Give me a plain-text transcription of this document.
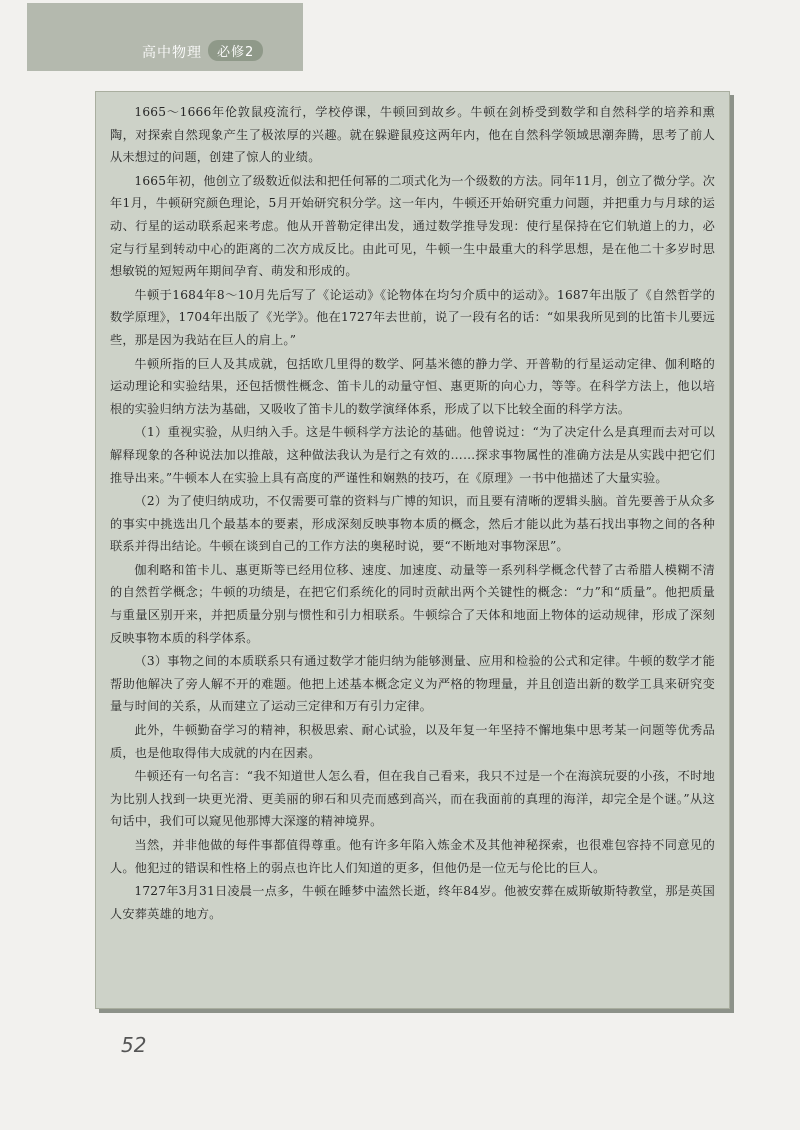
高中物理	必修2

1665～1666年伦敦鼠疫流行，学校停课，牛顿回到故乡。牛顿在剑桥受到数学和自然科学的培养和熏陶，对探索自然现象产生了极浓厚的兴趣。就在躲避鼠疫这两年内，他在自然科学领域思潮奔腾，思考了前人从未想过的问题，创建了惊人的业绩。

1665年初，他创立了级数近似法和把任何幂的二项式化为一个级数的方法。同年11月，创立了微分学。次年1月，牛顿研究颜色理论，5月开始研究积分学。这一年内，牛顿还开始研究重力问题，并把重力与月球的运动、行星的运动联系起来考虑。他从开普勒定律出发，通过数学推导发现：使行星保持在它们轨道上的力，必定与行星到转动中心的距离的二次方成反比。由此可见，牛顿一生中最重大的科学思想，是在他二十多岁时思想敏锐的短短两年期间孕育、萌发和形成的。

牛顿于1684年8～10月先后写了《论运动》《论物体在均匀介质中的运动》。1687年出版了《自然哲学的数学原理》，1704年出版了《光学》。他在1727年去世前，说了一段有名的话：“如果我所见到的比笛卡儿要远些，那是因为我站在巨人的肩上。”

牛顿所指的巨人及其成就，包括欧几里得的数学、阿基米德的静力学、开普勒的行星运动定律、伽利略的运动理论和实验结果，还包括惯性概念、笛卡儿的动量守恒、惠更斯的向心力，等等。在科学方法上，他以培根的实验归纳方法为基础，又吸收了笛卡儿的数学演绎体系，形成了以下比较全面的科学方法。

（1）重视实验，从归纳入手。这是牛顿科学方法论的基础。他曾说过：“为了决定什么是真理而去对可以解释现象的各种说法加以推敲，这种做法我认为是行之有效的……探求事物属性的准确方法是从实践中把它们推导出来。”牛顿本人在实验上具有高度的严谨性和娴熟的技巧，在《原理》一书中他描述了大量实验。

（2）为了使归纳成功，不仅需要可靠的资料与广博的知识，而且要有清晰的逻辑头脑。首先要善于从众多的事实中挑选出几个最基本的要素，形成深刻反映事物本质的概念，然后才能以此为基石找出事物之间的各种联系并得出结论。牛顿在谈到自己的工作方法的奥秘时说，要“不断地对事物深思”。

伽利略和笛卡儿、惠更斯等已经用位移、速度、加速度、动量等一系列科学概念代替了古希腊人模糊不清的自然哲学概念；牛顿的功绩是，在把它们系统化的同时贡献出两个关键性的概念：“力”和“质量”。他把质量与重量区别开来，并把质量分别与惯性和引力相联系。牛顿综合了天体和地面上物体的运动规律，形成了深刻反映事物本质的科学体系。

（3）事物之间的本质联系只有通过数学才能归纳为能够测量、应用和检验的公式和定律。牛顿的数学才能帮助他解决了旁人解不开的难题。他把上述基本概念定义为严格的物理量，并且创造出新的数学工具来研究变量与时间的关系，从而建立了运动三定律和万有引力定律。

此外，牛顿勤奋学习的精神，积极思索、耐心试验，以及年复一年坚持不懈地集中思考某一问题等优秀品质，也是他取得伟大成就的内在因素。

牛顿还有一句名言：“我不知道世人怎么看，但在我自己看来，我只不过是一个在海滨玩耍的小孩，不时地为比别人找到一块更光滑、更美丽的卵石和贝壳而感到高兴，而在我面前的真理的海洋，却完全是个谜。”从这句话中，我们可以窥见他那博大深邃的精神境界。

当然，并非他做的每件事都值得尊重。他有许多年陷入炼金术及其他神秘探索，也很难包容持不同意见的人。他犯过的错误和性格上的弱点也许比人们知道的更多，但他仍是一位无与伦比的巨人。

1727年3月31日凌晨一点多，牛顿在睡梦中溘然长逝，终年84岁。他被安葬在威斯敏斯特教堂，那是英国人安葬英雄的地方。

52
